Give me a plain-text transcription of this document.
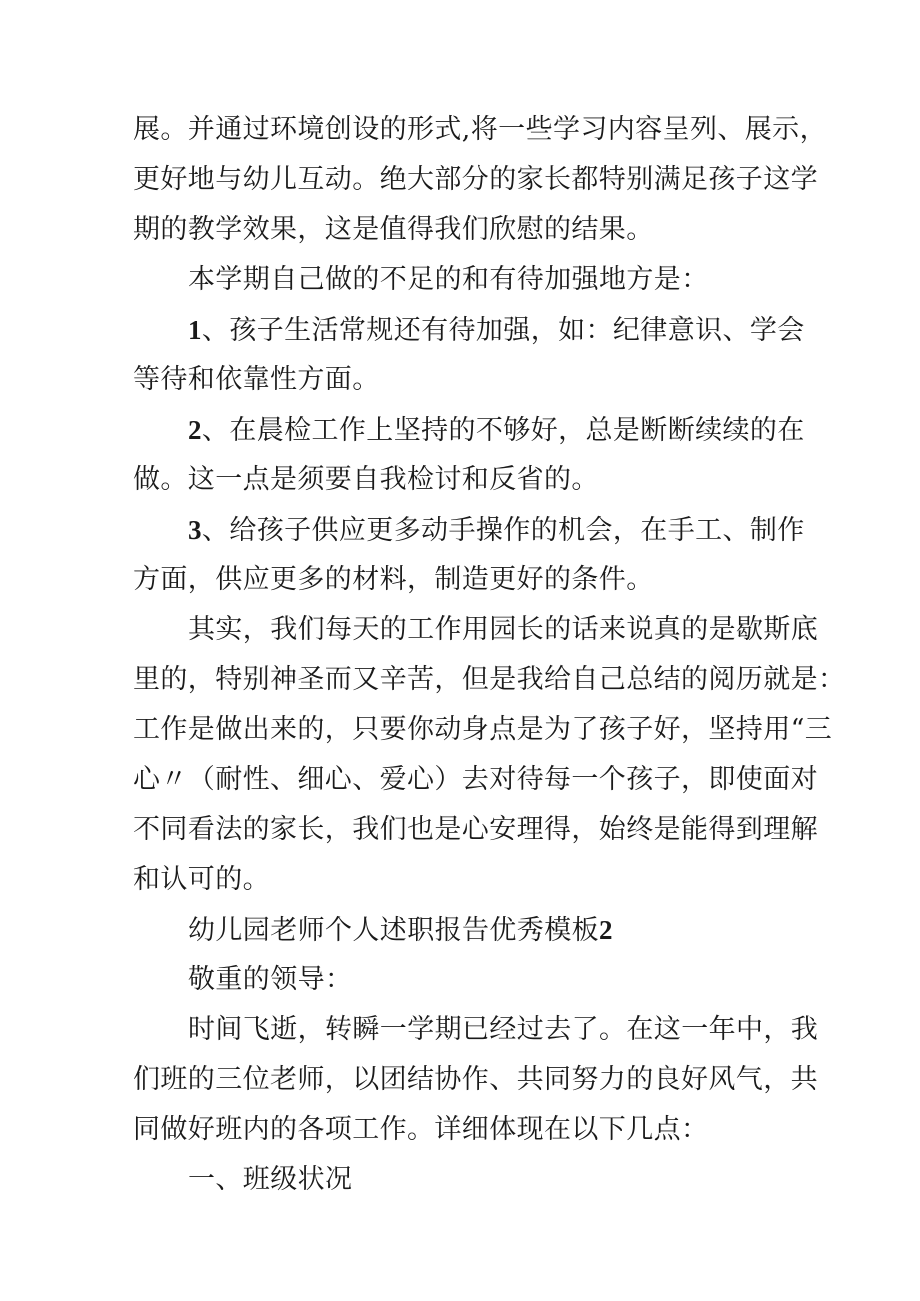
展。并通过环境创设的形式,将一些学习内容呈列、展示，

更好地与幼儿互动。绝大部分的家长都特别满足孩子这学

期的教学效果，这是值得我们欣慰的结果。

本学期自己做的不足的和有待加强地方是：

1、孩子生活常规还有待加强，如：纪律意识、学会

等待和依靠性方面。

2、在晨检工作上坚持的不够好，总是断断续续的在

做。这一点是须要自我检讨和反省的。

3、给孩子供应更多动手操作的机会，在手工、制作

方面，供应更多的材料，制造更好的条件。

其实，我们每天的工作用园长的话来说真的是歇斯底

里的，特别神圣而又辛苦，但是我给自己总结的阅历就是：

工作是做出来的，只要你动身点是为了孩子好，坚持用“三

心〃（耐性、细心、爱心）去对待每一个孩子，即使面对

不同看法的家长，我们也是心安理得，始终是能得到理解

和认可的。

幼儿园老师个人述职报告优秀模板2

敬重的领导：

时间飞逝，转瞬一学期已经过去了。在这一年中，我

们班的三位老师，以团结协作、共同努力的良好风气，共

同做好班内的各项工作。详细体现在以下几点：

一、班级状况
